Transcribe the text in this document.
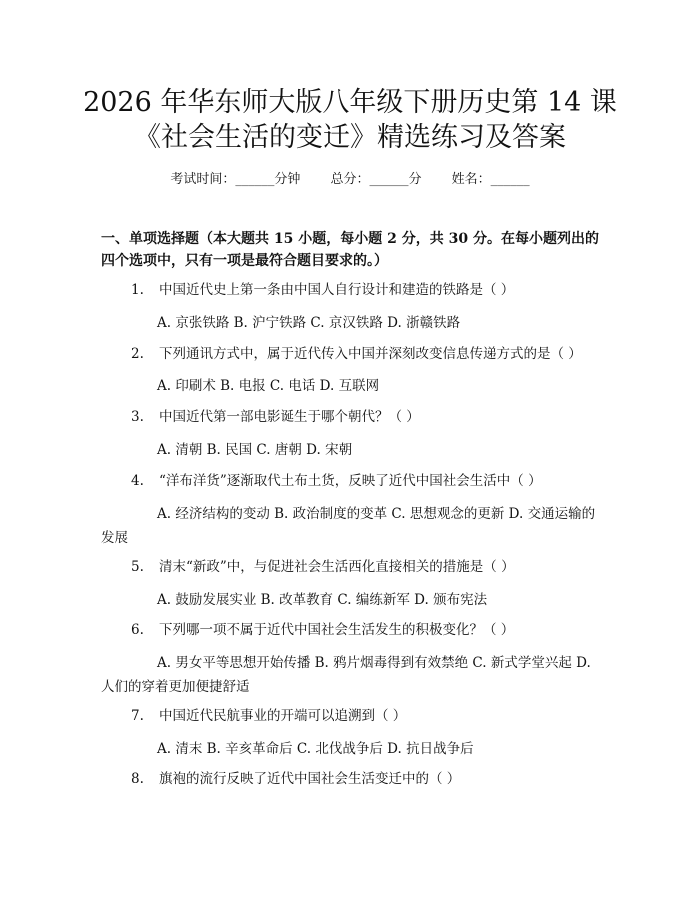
2026 年华东师大版八年级下册历史第 14 课
《社会生活的变迁》精选练习及答案
考试时间：______分钟 总分：______分 姓名：______
一、单项选择题（本大题共 15 小题，每小题 2 分，共 30 分。在每小题列出的四个选项中，只有一项是最符合题目要求的。）
1. 中国近代史上第一条由中国人自行设计和建造的铁路是（ ）
A. 京张铁路 B. 沪宁铁路 C. 京汉铁路 D. 浙赣铁路
2. 下列通讯方式中，属于近代传入中国并深刻改变信息传递方式的是（ ）
A. 印刷术 B. 电报 C. 电话 D. 互联网
3. 中国近代第一部电影诞生于哪个朝代？（ ）
A. 清朝 B. 民国 C. 唐朝 D. 宋朝
4. “洋布洋货”逐渐取代土布土货，反映了近代中国社会生活中（ ）
A. 经济结构的变动 B. 政治制度的变革 C. 思想观念的更新 D. 交通运输的发展
5. 清末“新政”中，与促进社会生活西化直接相关的措施是（ ）
A. 鼓励发展实业 B. 改革教育 C. 编练新军 D. 颁布宪法
6. 下列哪一项不属于近代中国社会生活发生的积极变化？（ ）
A. 男女平等思想开始传播 B. 鸦片烟毒得到有效禁绝 C. 新式学堂兴起 D. 人们的穿着更加便捷舒适
7. 中国近代民航事业的开端可以追溯到（ ）
A. 清末 B. 辛亥革命后 C. 北伐战争后 D. 抗日战争后
8. 旗袍的流行反映了近代中国社会生活变迁中的（ ）
